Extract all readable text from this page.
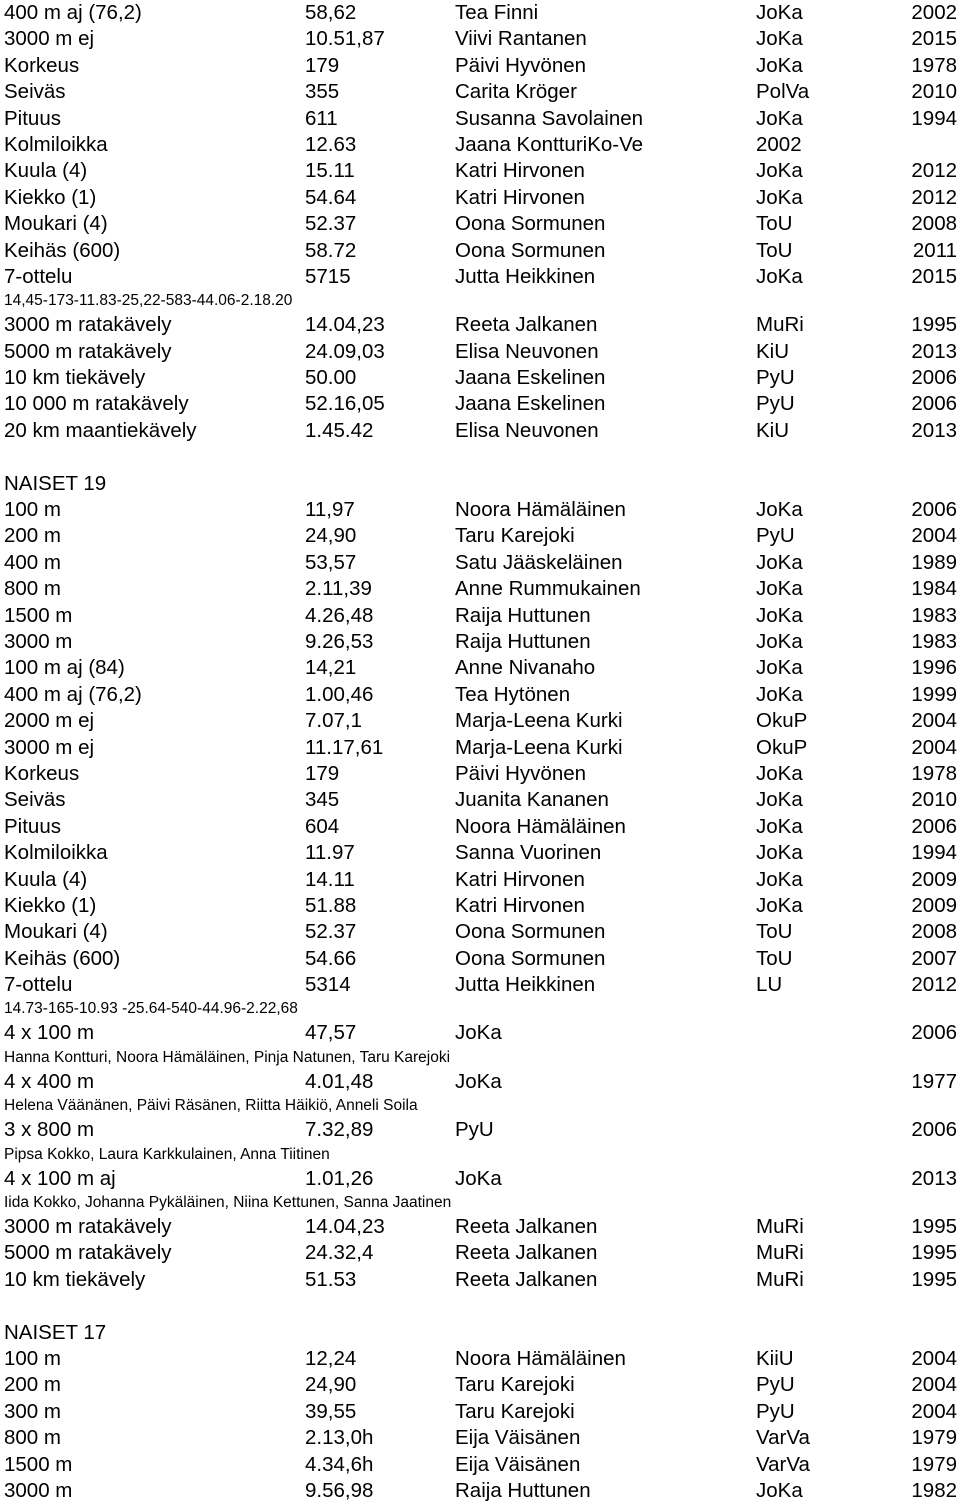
400 m aj (76,2)	58,62	Tea Finni	JoKa	2002
3000 m ej	10.51,87	Viivi Rantanen	JoKa	2015
Korkeus	179	Päivi Hyvönen	JoKa	1978
Seiväs	355	Carita Kröger	PolVa	2010
Pituus	611	Susanna Savolainen	JoKa	1994
Kolmiloikka	12.63	Jaana KontturiKo-Ve	2002
Kuula (4)	15.11	Katri Hirvonen	JoKa	2012
Kiekko (1)	54.64	Katri Hirvonen	JoKa	2012
Moukari (4)	52.37	Oona Sormunen	ToU	2008
Keihäs (600)	58.72	Oona Sormunen	ToU	2011
7-ottelu	5715	Jutta Heikkinen	JoKa	2015
14,45-173-11.83-25,22-583-44.06-2.18.20
3000 m ratakävely	14.04,23	Reeta Jalkanen	MuRi	1995
5000 m ratakävely	24.09,03	Elisa Neuvonen	KiU	2013
10 km tiekävely	50.00	Jaana Eskelinen	PyU	2006
10 000 m ratakävely	52.16,05	Jaana Eskelinen	PyU	2006
20 km maantiekävely	1.45.42	Elisa Neuvonen	KiU	2013
NAISET 19
100 m	11,97	Noora Hämäläinen	JoKa	2006
200 m	24,90	Taru Karejoki	PyU	2004
400 m	53,57	Satu Jääskeläinen	JoKa	1989
800 m	2.11,39	Anne Rummukainen	JoKa	1984
1500 m	4.26,48	Raija Huttunen	JoKa	1983
3000 m	9.26,53	Raija Huttunen	JoKa	1983
100 m aj (84)	14,21	Anne Nivanaho	JoKa	1996
400 m aj (76,2)	1.00,46	Tea Hytönen	JoKa	1999
2000 m ej	7.07,1	Marja-Leena Kurki	OkuP	2004
3000 m ej	11.17,61	Marja-Leena Kurki	OkuP	2004
Korkeus	179	Päivi Hyvönen	JoKa	1978
Seiväs	345	Juanita Kananen	JoKa	2010
Pituus	604	Noora Hämäläinen	JoKa	2006
Kolmiloikka	11.97	Sanna Vuorinen	JoKa	1994
Kuula (4)	14.11	Katri Hirvonen	JoKa	2009
Kiekko (1)	51.88	Katri Hirvonen	JoKa	2009
Moukari (4)	52.37	Oona Sormunen	ToU	2008
Keihäs (600)	54.66	Oona Sormunen	ToU	2007
7-ottelu	5314	Jutta Heikkinen	LU	2012
14.73-165-10.93 -25.64-540-44.96-2.22,68
4 x 100 m	47,57	JoKa	2006
Hanna Kontturi, Noora Hämäläinen, Pinja Natunen, Taru Karejoki
4 x 400 m	4.01,48	JoKa	1977
Helena Väänänen, Päivi Räsänen, Riitta Häikiö, Anneli Soila
3 x 800 m	7.32,89	PyU	2006
Pipsa Kokko, Laura Karkkulainen, Anna Tiitinen
4 x 100 m aj	1.01,26	JoKa	2013
Iida Kokko, Johanna Pykäläinen, Niina Kettunen, Sanna Jaatinen
3000 m ratakävely	14.04,23	Reeta Jalkanen	MuRi	1995
5000 m ratakävely	24.32,4	Reeta Jalkanen	MuRi	1995
10 km tiekävely	51.53	Reeta Jalkanen	MuRi	1995
NAISET 17
100 m	12,24	Noora Hämäläinen	KiiU	2004
200 m	24,90	Taru Karejoki	PyU	2004
300 m	39,55	Taru Karejoki	PyU	2004
800 m	2.13,0h	Eija Väisänen	VarVa	1979
1500 m	4.34,6h	Eija Väisänen	VarVa	1979
3000 m	9.56,98	Raija Huttunen	JoKa	1982
